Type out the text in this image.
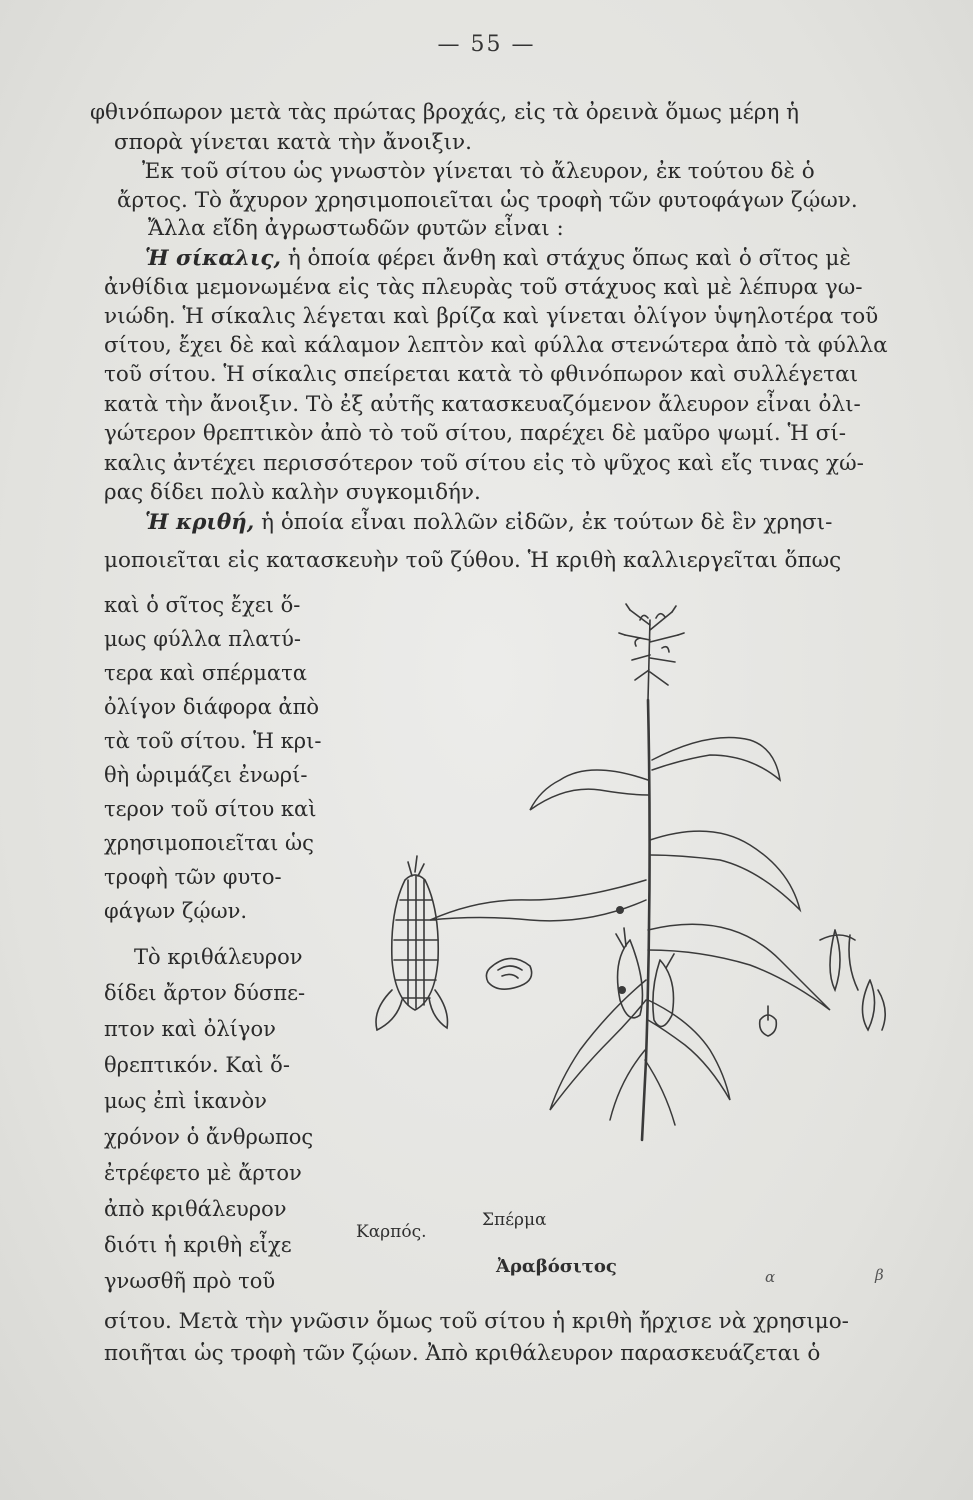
— 55 —
φθινόπωρον μετὰ τὰς πρώτας βροχάς, εἰς τὰ ὀρεινὰ ὅμως μέρη ἡ
σπορὰ γίνεται κατὰ τὴν ἄνοιξιν.
Ἐκ τοῦ σίτου ὡς γνωστὸν γίνεται τὸ ἄλευρον, ἐκ τούτου δὲ ὁ
ἄρτος. Τὸ ἄχυρον χρησιμοποιεῖται ὡς τροφὴ τῶν φυτοφάγων ζῴων.
Ἄλλα εἴδη ἀγρωστωδῶν φυτῶν εἶναι :
Ἡ σίκαλις, ἡ ὁποία φέρει ἄνθη καὶ στάχυς ὅπως καὶ ὁ σῖτος μὲ
ἀνθίδια μεμονωμένα εἰς τὰς πλευρὰς τοῦ στάχυος καὶ μὲ λέπυρα γω-
νιώδη. Ἡ σίκαλις λέγεται καὶ βρίζα καὶ γίνεται ὀλίγον ὑψηλοτέρα τοῦ
σίτου, ἔχει δὲ καὶ κάλαμον λεπτὸν καὶ φύλλα στενώτερα ἀπὸ τὰ φύλλα
τοῦ σίτου. Ἡ σίκαλις σπείρεται κατὰ τὸ φθινόπωρον καὶ συλλέγεται
κατὰ τὴν ἄνοιξιν. Τὸ ἐξ αὐτῆς κατασκευαζόμενον ἄλευρον εἶναι ὀλι-
γώτερον θρεπτικὸν ἀπὸ τὸ τοῦ σίτου, παρέχει δὲ μαῦρο ψωμί. Ἡ σί-
καλις ἀντέχει περισσότερον τοῦ σίτου εἰς τὸ ψῦχος καὶ εἴς τινας χώ-
ρας δίδει πολὺ καλὴν συγκομιδήν.
Ἡ κριθή, ἡ ὁποία εἶναι πολλῶν εἰδῶν, ἐκ τούτων δὲ ἓν χρησι-
μοποιεῖται εἰς κατασκευὴν τοῦ ζύθου. Ἡ κριθὴ καλλιεργεῖται ὅπως
καὶ ὁ σῖτος ἔχει ὅ-
μως φύλλα πλατύ-
τερα καὶ σπέρματα
ὀλίγον διάφορα ἀπὸ
τὰ τοῦ σίτου. Ἡ κρι-
θὴ ὡριμάζει ἐνωρί-
τερον τοῦ σίτου καὶ
χρησιμοποιεῖται ὡς
τροφὴ τῶν φυτο-
φάγων ζῴων.
Τὸ κριθάλευρον
δίδει ἄρτον δύσπε-
πτον καὶ ὀλίγον
θρεπτικόν. Καὶ ὅ-
μως ἐπὶ ἱκανὸν
χρόνον ὁ ἄνθρωπος
ἐτρέφετο μὲ ἄρτον
ἀπὸ κριθάλευρον
διότι ἡ κριθὴ εἶχε
γνωσθῆ πρὸ τοῦ
σίτου. Μετὰ τὴν γνῶσιν ὅμως τοῦ σίτου ἡ κριθὴ ἤρχισε νὰ χρησιμο-
ποιῆται ὡς τροφὴ τῶν ζῴων. Ἀπὸ κριθάλευρον παρασκευάζεται ὁ
Καρπός.
Σπέρμα
Ἀραβόσιτος	α	β
